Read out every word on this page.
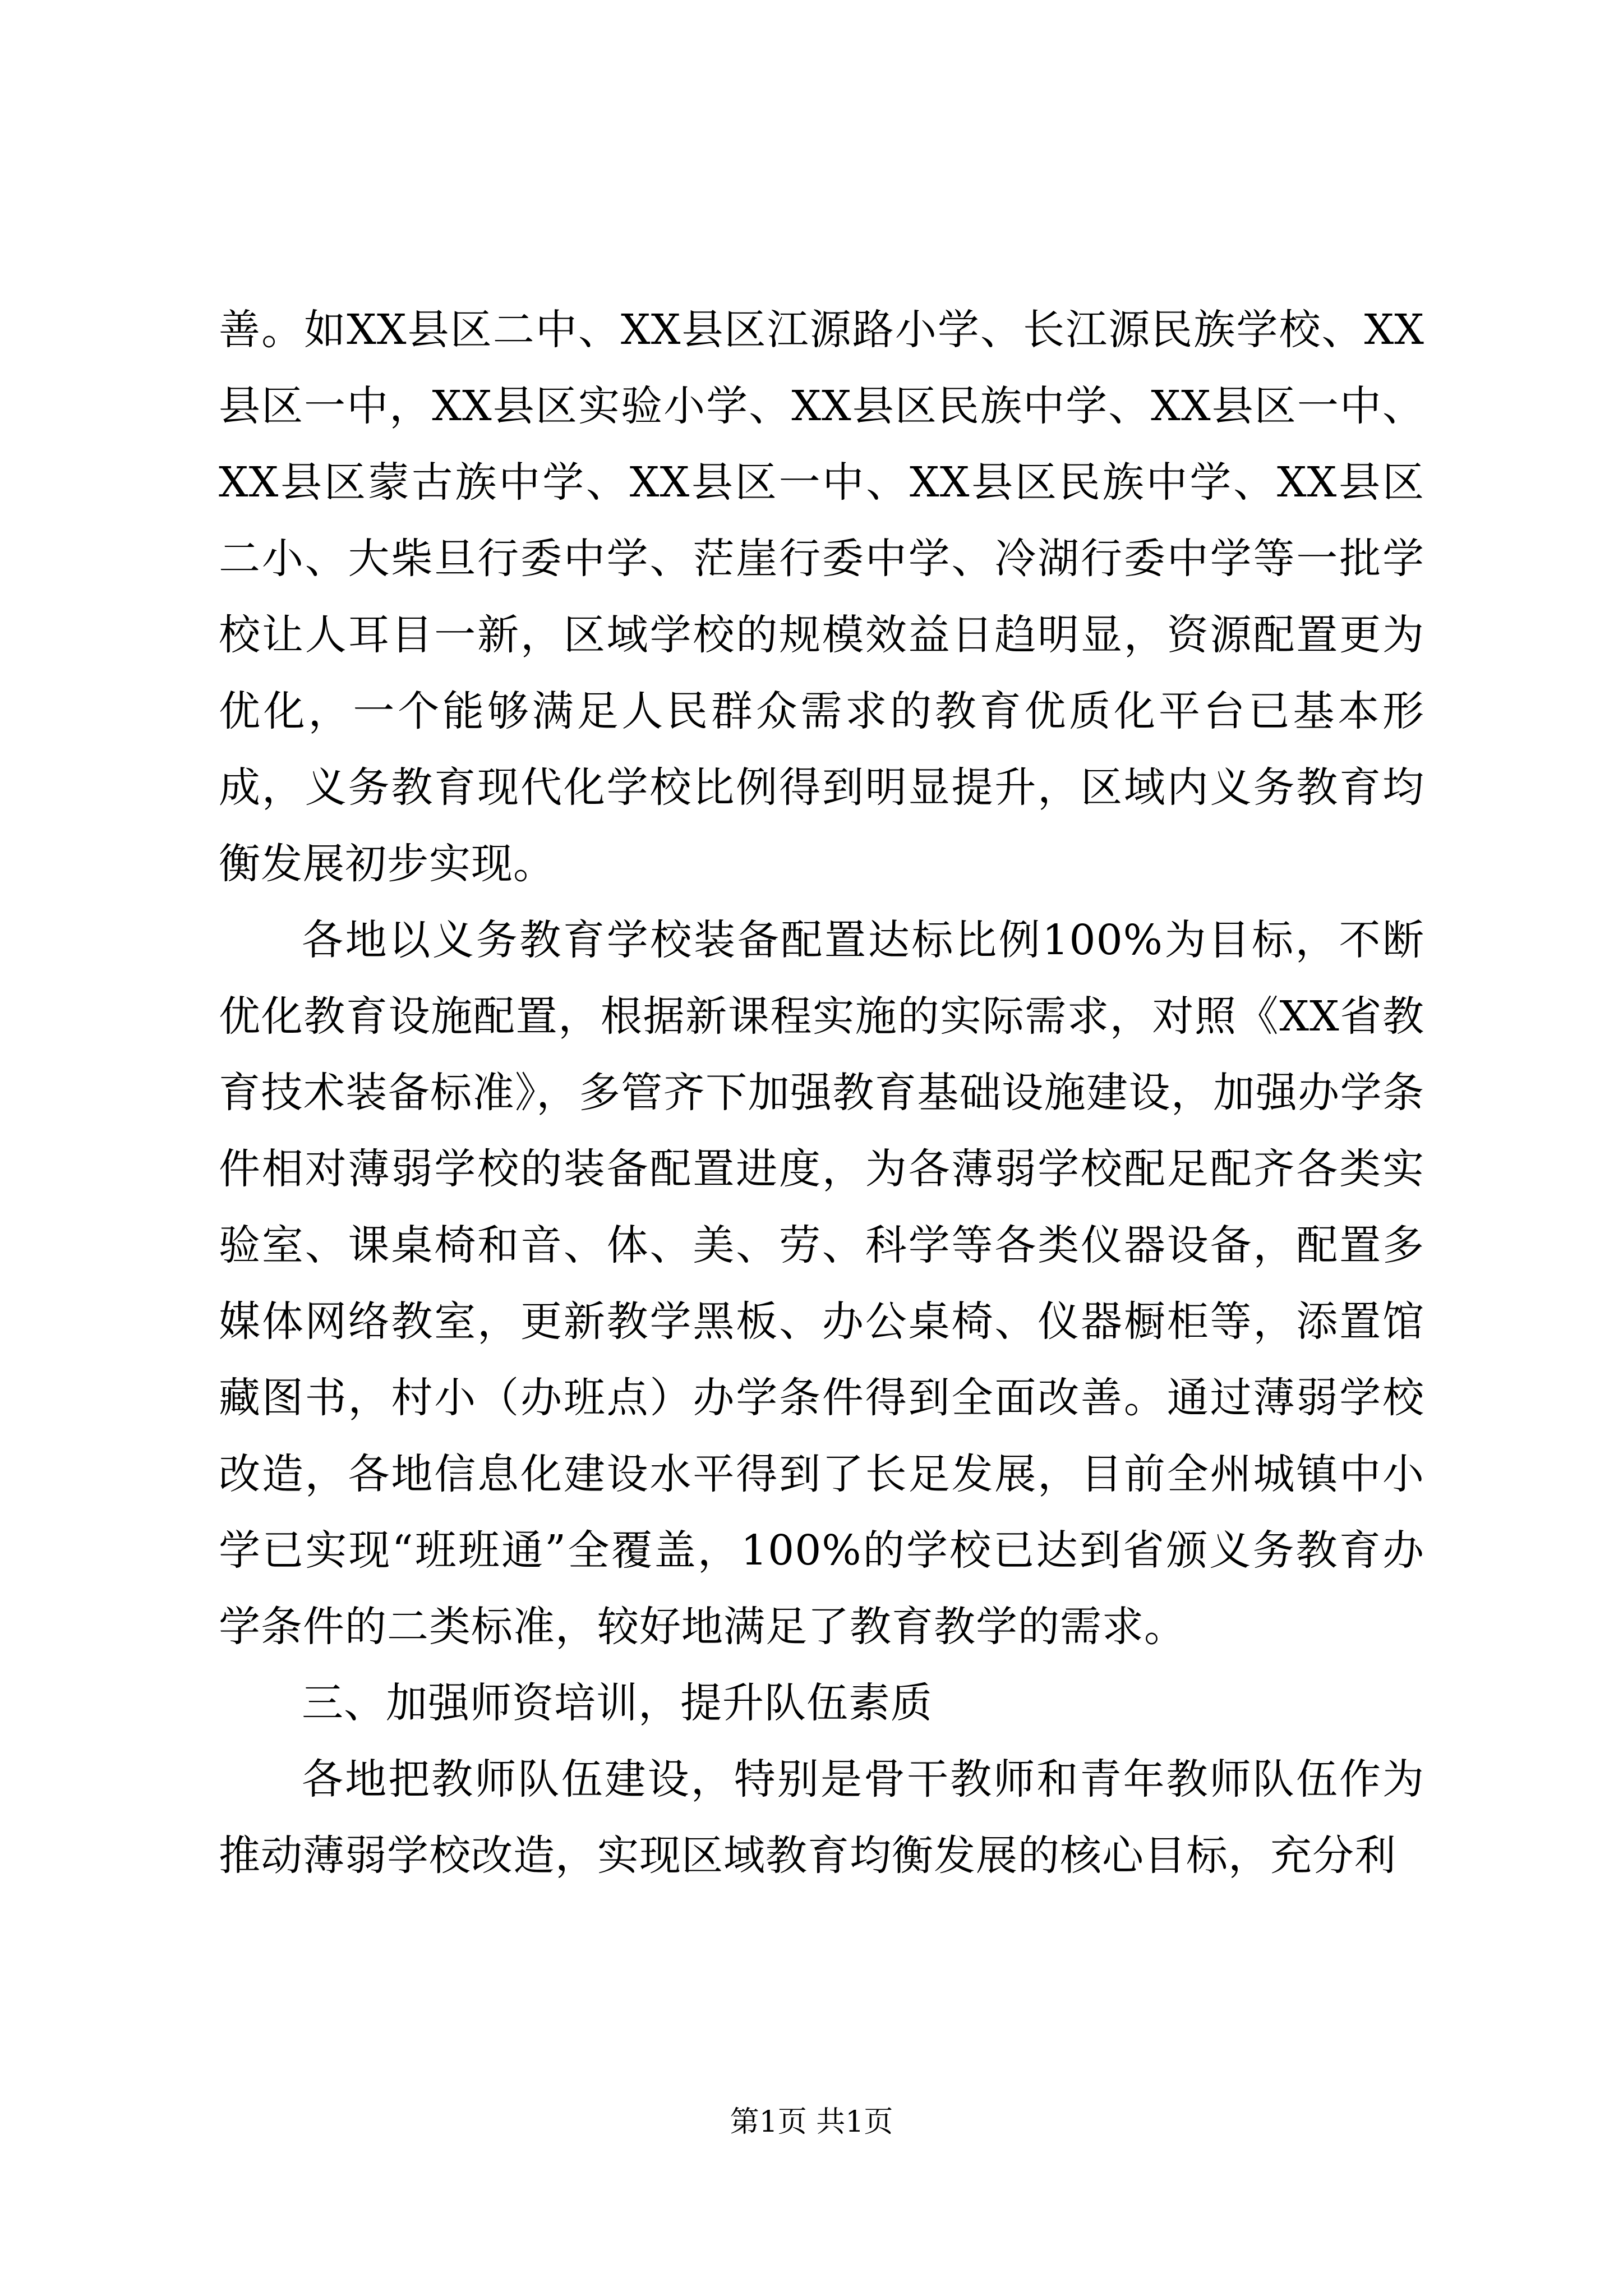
善。如XX县区二中、XX县区江源路小学、长江源民族学校、XX县区一中，XX县区实验小学、XX县区民族中学、XX县区一中、XX县区蒙古族中学、XX县区一中、XX县区民族中学、XX县区二小、大柴旦行委中学、茫崖行委中学、冷湖行委中学等一批学校让人耳目一新，区域学校的规模效益日趋明显，资源配置更为优化，一个能够满足人民群众需求的教育优质化平台已基本形成，义务教育现代化学校比例得到明显提升，区域内义务教育均衡发展初步实现。

各地以义务教育学校装备配置达标比例100%为目标，不断优化教育设施配置，根据新课程实施的实际需求，对照《XX省教育技术装备标准》，多管齐下加强教育基础设施建设，加强办学条件相对薄弱学校的装备配置进度，为各薄弱学校配足配齐各类实验室、课桌椅和音、体、美、劳、科学等各类仪器设备，配置多媒体网络教室，更新教学黑板、办公桌椅、仪器橱柜等，添置馆藏图书，村小（办班点）办学条件得到全面改善。通过薄弱学校改造，各地信息化建设水平得到了长足发展，目前全州城镇中小学已实现“班班通”全覆盖，100%的学校已达到省颁义务教育办学条件的二类标准，较好地满足了教育教学的需求。

三、加强师资培训，提升队伍素质

各地把教师队伍建设，特别是骨干教师和青年教师队伍作为推动薄弱学校改造，实现区域教育均衡发展的核心目标，充分利

第1页 共1页
